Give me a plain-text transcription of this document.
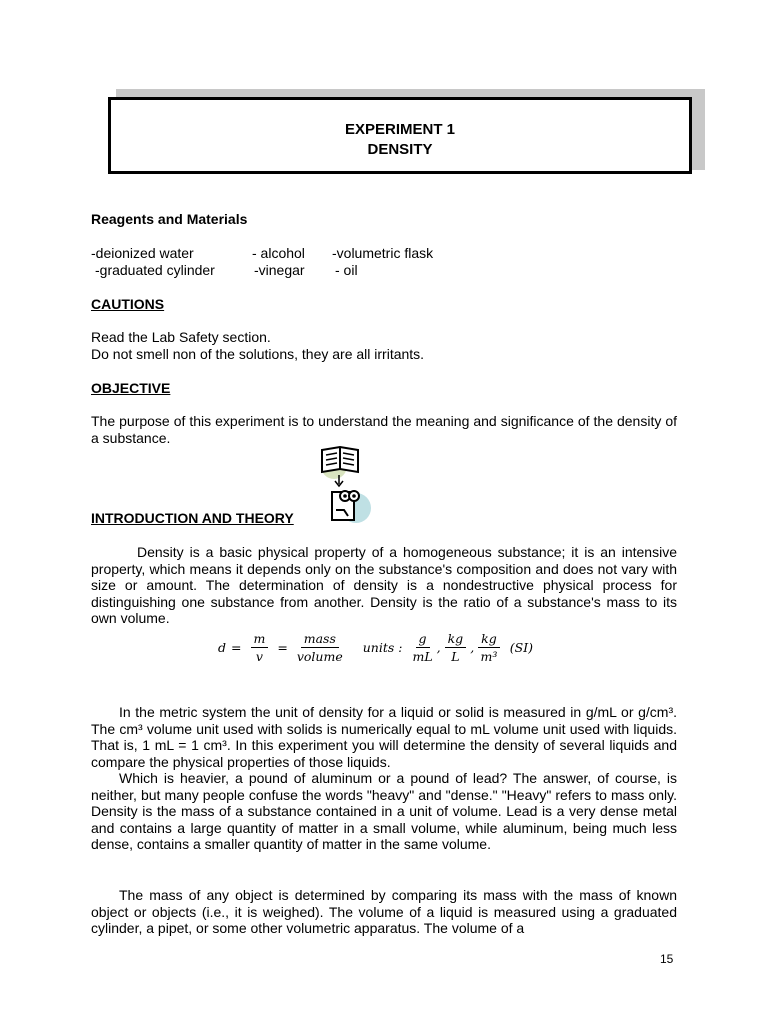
EXPERIMENT 1
DENSITY
Reagents and Materials
-deionized water	- alcohol -volumetric flask
-graduated cylinder	-vinegar - oil
CAUTIONS
Read the Lab Safety section.
Do not smell non of the solutions, they are all irritants.
OBJECTIVE
The purpose of this experiment is to understand the meaning and significance of the density of a substance.
INTRODUCTION AND THEORY
Density is a basic physical property of a homogeneous substance; it is an intensive property, which means it depends only on the substance's composition and does not vary with size or amount. The determination of density is a nondestructive physical process for distinguishing one substance from another. Density is the ratio of a substance's mass to its own volume.
$d = \frac{m}{v} = \frac{\text{mass}}{\text{volume}}$ units : $\frac{g}{mL}$ , $\frac{kg}{L}$ , $\frac{kg}{\text{m³}} (SI)$
In the metric system the unit of density for a liquid or solid is measured in g/mL or g/cm³. The cm³ volume unit used with solids is numerically equal to mL volume unit used with liquids. That is, 1 mL = 1 cm³. In this experiment you will determine the density of several liquids and compare the physical properties of those liquids.
Which is heavier, a pound of aluminum or a pound of lead? The answer, of course, is neither, but many people confuse the words "heavy" and "dense." "Heavy" refers to mass only. Density is the mass of a substance contained in a unit of volume. Lead is a very dense metal and contains a large quantity of matter in a small volume, while aluminum, being much less dense, contains a smaller quantity of matter in the same volume.
The mass of any object is determined by comparing its mass with the mass of known object or objects (i.e., it is weighed). The volume of a liquid is measured using a graduated cylinder, a pipet, or some other volumetric apparatus. The volume of a
15
